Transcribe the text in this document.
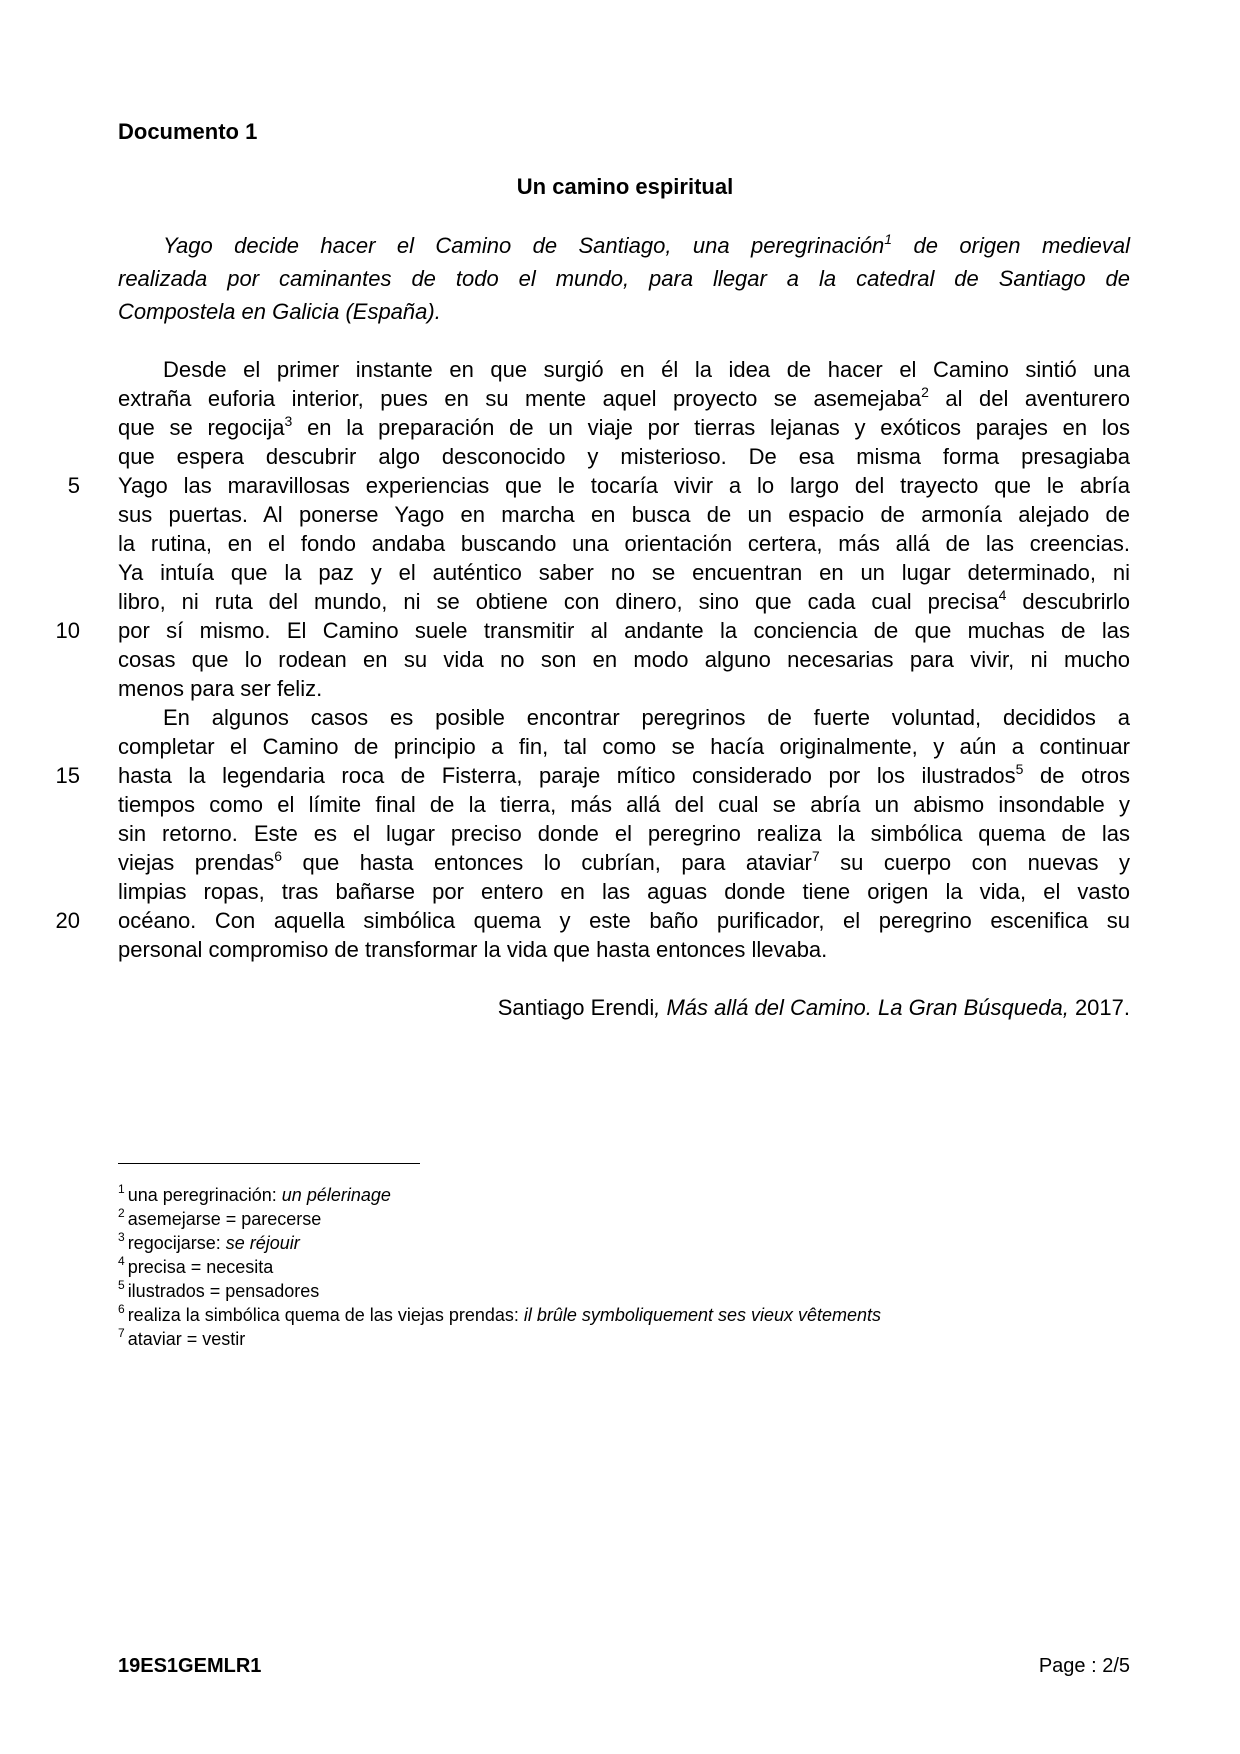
Documento 1
Un camino espiritual
Yago decide hacer el Camino de Santiago, una peregrinación$^1$ de origen medieval
realizada por caminantes de todo el mundo, para llegar a la catedral de Santiago de
Compostela en Galicia (España).
Desde el primer instante en que surgió en él la idea de hacer el Camino sintió una
extraña euforia interior, pues en su mente aquel proyecto se asemejaba$^2$ al del aventurero
que se regocija$^3$ en la preparación de un viaje por tierras lejanas y exóticos parajes en los
que espera descubrir algo desconocido y misterioso. De esa misma forma presagiaba
Yago las maravillosas experiencias que le tocaría vivir a lo largo del trayecto que le abría
sus puertas. Al ponerse Yago en marcha en busca de un espacio de armonía alejado de
la rutina, en el fondo andaba buscando una orientación certera, más allá de las creencias.
Ya intuía que la paz y el auténtico saber no se encuentran en un lugar determinado, ni
libro, ni ruta del mundo, ni se obtiene con dinero, sino que cada cual precisa$^4$ descubrirlo
por sí mismo. El Camino suele transmitir al andante la conciencia de que muchas de las
cosas que lo rodean en su vida no son en modo alguno necesarias para vivir, ni mucho
menos para ser feliz.
En algunos casos es posible encontrar peregrinos de fuerte voluntad, decididos a
completar el Camino de principio a fin, tal como se hacía originalmente, y aún a continuar
hasta la legendaria roca de Fisterra, paraje mítico considerado por los ilustrados$^5$ de otros
tiempos como el límite final de la tierra, más allá del cual se abría un abismo insondable y
sin retorno. Este es el lugar preciso donde el peregrino realiza la simbólica quema de las
viejas prendas$^6$ que hasta entonces lo cubrían, para ataviar$^7$ su cuerpo con nuevas y
limpias ropas, tras bañarse por entero en las aguas donde tiene origen la vida, el vasto
océano. Con aquella simbólica quema y este baño purificador, el peregrino escenifica su
personal compromiso de transformar la vida que hasta entonces llevaba.
5
10
15
20
Santiago Erendi, Más allá del Camino. La Gran Búsqueda, 2017.
$^1$ una peregrinación: un pélerinage
$^2$ asemejarse = parecerse
$^3$ regocijarse: se réjouir
$^4$ precisa = necesita
$^5$ ilustrados = pensadores
$^6$ realiza la simbólica quema de las viejas prendas: il brûle symboliquement ses vieux vêtements
$^7$ ataviar = vestir
19ES1GEMLR1	Page : 2/5
